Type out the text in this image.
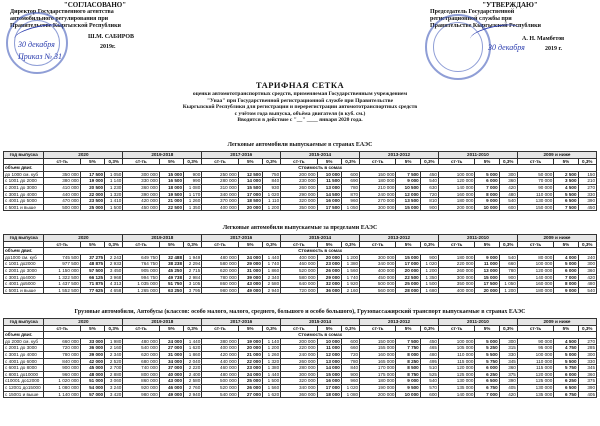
"СОГЛАСОВАНО"
Директор Государственного агентства
автомобильного регулирования при
Правительстве Кыргызской Республики
Ш.М. САБИРОВ
2019г.
30 декабря
Приказ № 31
"УТВЕРЖДАЮ"
Председатель Государственной
регистрационной службы при
Правительстве Кыргызской Республики
А. Н. Мамбетов
2019 г.
30 декабря
ТАРИФНАЯ СЕТКА
оценки автомототранспортных средств, применяемая Государственным учреждением
"Унаа" при Государственной регистрационной службе при Правительстве
Кыргызской Республики для регистрации и перерегистрации автомототранспортных средств
с учётом года выпуска, объёма двигателя (в куб. см.)
Вводится в действие с "__" ____ января 2020 года.
Легковые автомобили выпускаемые в странах ЕАЭС
Легковые автомобили выпускаемые за пределами ЕАЭС
Грузовые автомобили, Автобусы (классов: особо малого, малого, среднего, большого и особо большого), Грузопассажирский транспорт выпускаемые в странах ЕАЭС
год выпуска	2020			2019-2018			2017-2016			2015-2014			2013-2012			2011-2010			2009 и ниже		
	ст-ть	5%	0,3%	ст-ть	5%	0,3%	ст-ть	5%	0,3%	ст-ть	5%	0,3%	ст-ть	5%	0,3%	ст-ть	5%	0,3%	ст-ть	5%	0,3%
объем двиг.	Стоимость в сомах																				
до 1000 см. куб	350 000	17 500	1 050	300 000	15 000	900	250 000	12 500	750	200 000	10 000	600	150 000	7 500	450	100 000	5 000	300	50 000	2 500	150
с 1001 до 2000	380 000	19 000	1 140	330 000	16 500	990	280 000	14 000	840	230 000	11 500	690	180 000	9 000	540	120 000	6 000	360	70 000	3 500	210
с 2001 до 3000	410 000	20 500	1 230	360 000	18 000	1 080	310 000	15 500	930	260 000	13 000	780	210 000	10 500	630	140 000	7 000	420	90 000	4 500	270
с 3001 до 4000	440 000	22 000	1 320	390 000	19 500	1 170	340 000	17 000	1 020	290 000	14 500	870	240 000	12 000	720	160 000	8 000	480	110 000	5 500	330
с 4001 до 5000	470 000	23 500	1 410	420 000	21 000	1 260	370 000	18 500	1 110	320 000	16 000	960	270 000	13 500	810	180 000	9 000	540	130 000	6 500	390
с 5001 и выше	500 000	25 000	1 500	450 000	22 500	1 350	400 000	20 000	1 200	350 000	17 500	1 050	300 000	15 000	900	200 000	10 000	600	150 000	7 500	450
год выпуска	2020			2019-2018			2017-2016			2015-2014			2013-2012			2011-2010			2009 и ниже		
	ст-ть	5%	0,3%	ст-ть	5%	0,3%	ст-ть	5%	0,3%	ст-ть	5%	0,3%	ст-ть	5%	0,3%	ст-ть	5%	0,3%	ст-ть	5%	0,3%
объем двиг.	Стоимость в сомах																				
до1000 см. куб	745 500	37 275	2 243	649 750	32 488	1 949	480 000	24 000	1 440	400 000	20 000	1 200	300 000	15 000	900	180 000	9 000	540	80 000	4 000	240
с 1001 до2000	977 500	48 875	2 933	764 750	38 238	2 294	580 000	29 000	1 740	460 000	23 000	1 380	340 000	17 000	1 020	220 000	11 000	660	100 000	5 000	300
с 2001 до 3000	1 150 000	57 500	3 450	905 000	45 250	2 715	620 000	31 000	1 860	520 000	26 000	1 560	400 000	20 000	1 200	260 000	13 000	780	120 000	6 000	360
с 3001 до4000	1 322 500	66 125	3 968	994 750	49 738	2 984	780 000	39 000	2 340	580 000	29 000	1 740	450 000	22 500	1 350	300 000	15 000	900	140 000	7 000	420
с 4001 до5000	1 437 500	71 875	4 313	1 035 000	51 750	3 105	860 000	43 000	2 580	640 000	32 000	1 920	500 000	25 000	1 500	350 000	17 500	1 050	160 000	8 000	480
с 5001 и выше	1 552 500	77 625	4 658	1 265 000	63 250	3 795	980 000	49 000	2 940	720 000	36 000	2 160	560 000	28 000	1 680	400 000	20 000	1 200	180 000	9 000	540
год выпуска	2020			2019-2018			2017-2016			2015-2014			2013-2012			2011-2010			2009 и ниже		
	ст-ть	5%	0,3%	ст-ть	5%	0,3%	ст-ть	5%	0,3%	ст-ть	5%	0,3%	ст-ть	5%	0,3%	ст-ть	5%	0,3%	ст-ть	5%	0,3%
объем двиг.	Стоимость в сомах																				
до 2000 см. куб	660 000	33 000	1 980	480 000	24 000	1 440	380 000	19 000	1 140	200 000	10 000	600	150 000	7 500	450	100 000	5 000	300	90 000	4 500	270
с 2001 до 3000	720 000	36 000	2 160	540 000	27 000	1 620	400 000	20 000	1 200	220 000	11 000	660	155 000	7 750	465	105 000	5 250	315	95 000	4 750	285
с 3001 до 4000	780 000	39 000	2 340	620 000	31 000	1 860	420 000	21 000	1 260	240 000	12 000	720	160 000	8 000	480	110 000	5 500	330	100 000	5 000	300
с 4001 до 6000	840 000	42 000	2 520	680 000	34 000	2 040	440 000	22 000	1 320	260 000	13 000	780	165 000	8 250	495	115 000	5 750	345	110 000	5 500	330
с 6001 до 8000	900 000	45 000	2 700	740 000	37 000	2 220	460 000	23 000	1 380	280 000	14 000	840	170 000	8 500	510	120 000	6 000	360	115 000	5 750	345
с 8001 до10000	960 000	48 000	2 880	800 000	40 000	2 400	480 000	24 000	1 440	300 000	15 000	900	175 000	8 750	525	125 000	6 250	375	120 000	6 000	360
с10001 до12000	1 020 000	51 000	3 060	860 000	43 000	2 580	500 000	25 000	1 500	320 000	16 000	960	180 000	9 000	540	130 000	6 500	390	125 000	6 250	375
с 12001 до15000	1 080 000	54 000	3 240	920 000	46 000	2 760	520 000	26 000	1 560	340 000	17 000	1 020	190 000	9 500	570	135 000	6 750	405	130 000	6 500	390
с 15001 и выше	1 140 000	57 000	3 420	980 000	49 000	2 940	540 000	27 000	1 620	360 000	18 000	1 080	200 000	10 000	600	140 000	7 000	420	135 000	6 750	405
